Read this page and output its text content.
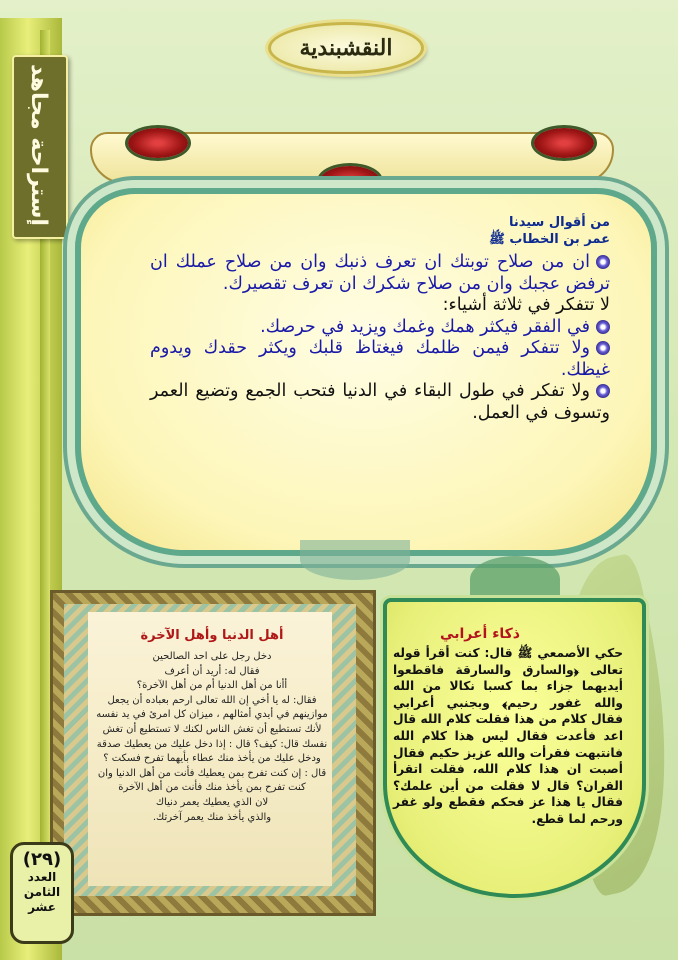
إستراحة مجاهد
النقشبندية
من أقوال سيدنا
عمر بن الخطاب ﷺ
ان من صلاح توبتك ان تعرف ذنبك وان من صلاح عملك ان ترفض عجبك وان من صلاح شكرك ان تعرف تقصيرك.
لا تتفكر في ثلاثة أشياء:
في الفقر فيكثر همك وغمك ويزيد في حرصك.
ولا تتفكر فيمن ظلمك فيغتاظ قلبك ويكثر حقدك ويدوم غيظك.
ولا تفكر في طول البقاء في الدنيا فتحب الجمع وتضيع العمر وتسوف في العمل.
أهل الدنيا وأهل الآخرة

دخل رجل على احد الصالحين

فقال له: أريد أن أعرف

أأنا من أهل الدنيا أم من أهل الآخرة؟

فقال: له يا أخي إن الله تعالى ارحم بعباده أن يجعل

موازينهم في أيدي أمثالهم ، ميزان كل امرئ في يد نفسه

لأنك تستطيع أن تغش الناس لكنك لا تستطيع أن تغش

نفسك قال: كيف؟ قال : إذا دخل عليك من يعطيك صدقة

ودخل عليك من يأخذ منك عطاء بأيهما تفرح فسكت ؟

قال : إن كنت تفرح بمن يعطيك فأنت من أهل الدنيا وان

كنت تفرح بمن يأخذ منك فأنت من أهل الآخرة

لان الذي يعطيك يعمر دنياك

والذي يأخذ منك يعمر آخرتك.

ذكاء أعرابي

حكي الأصمعي ﷺ قال: كنت أقرأ قوله تعالى ﴿والسارق والسارقة فاقطعوا أيديهما جزاء بما كسبا نكالا من الله والله غفور رحيم﴾ وبجنبي أعرابي فقال كلام من هذا فقلت كلام الله قال اعد فأعدت فقال ليس هذا كلام الله فانتبهت فقرأت والله عزيز حكيم فقال أصبت ان هذا كلام الله، فقلت اتقرأ القران؟ قال لا فقلت من أين علمك؟ فقال يا هذا عز فحكم فقطع ولو غفر ورحم لما قطع.

(٢٩)
العدد
الثامن
عشر
